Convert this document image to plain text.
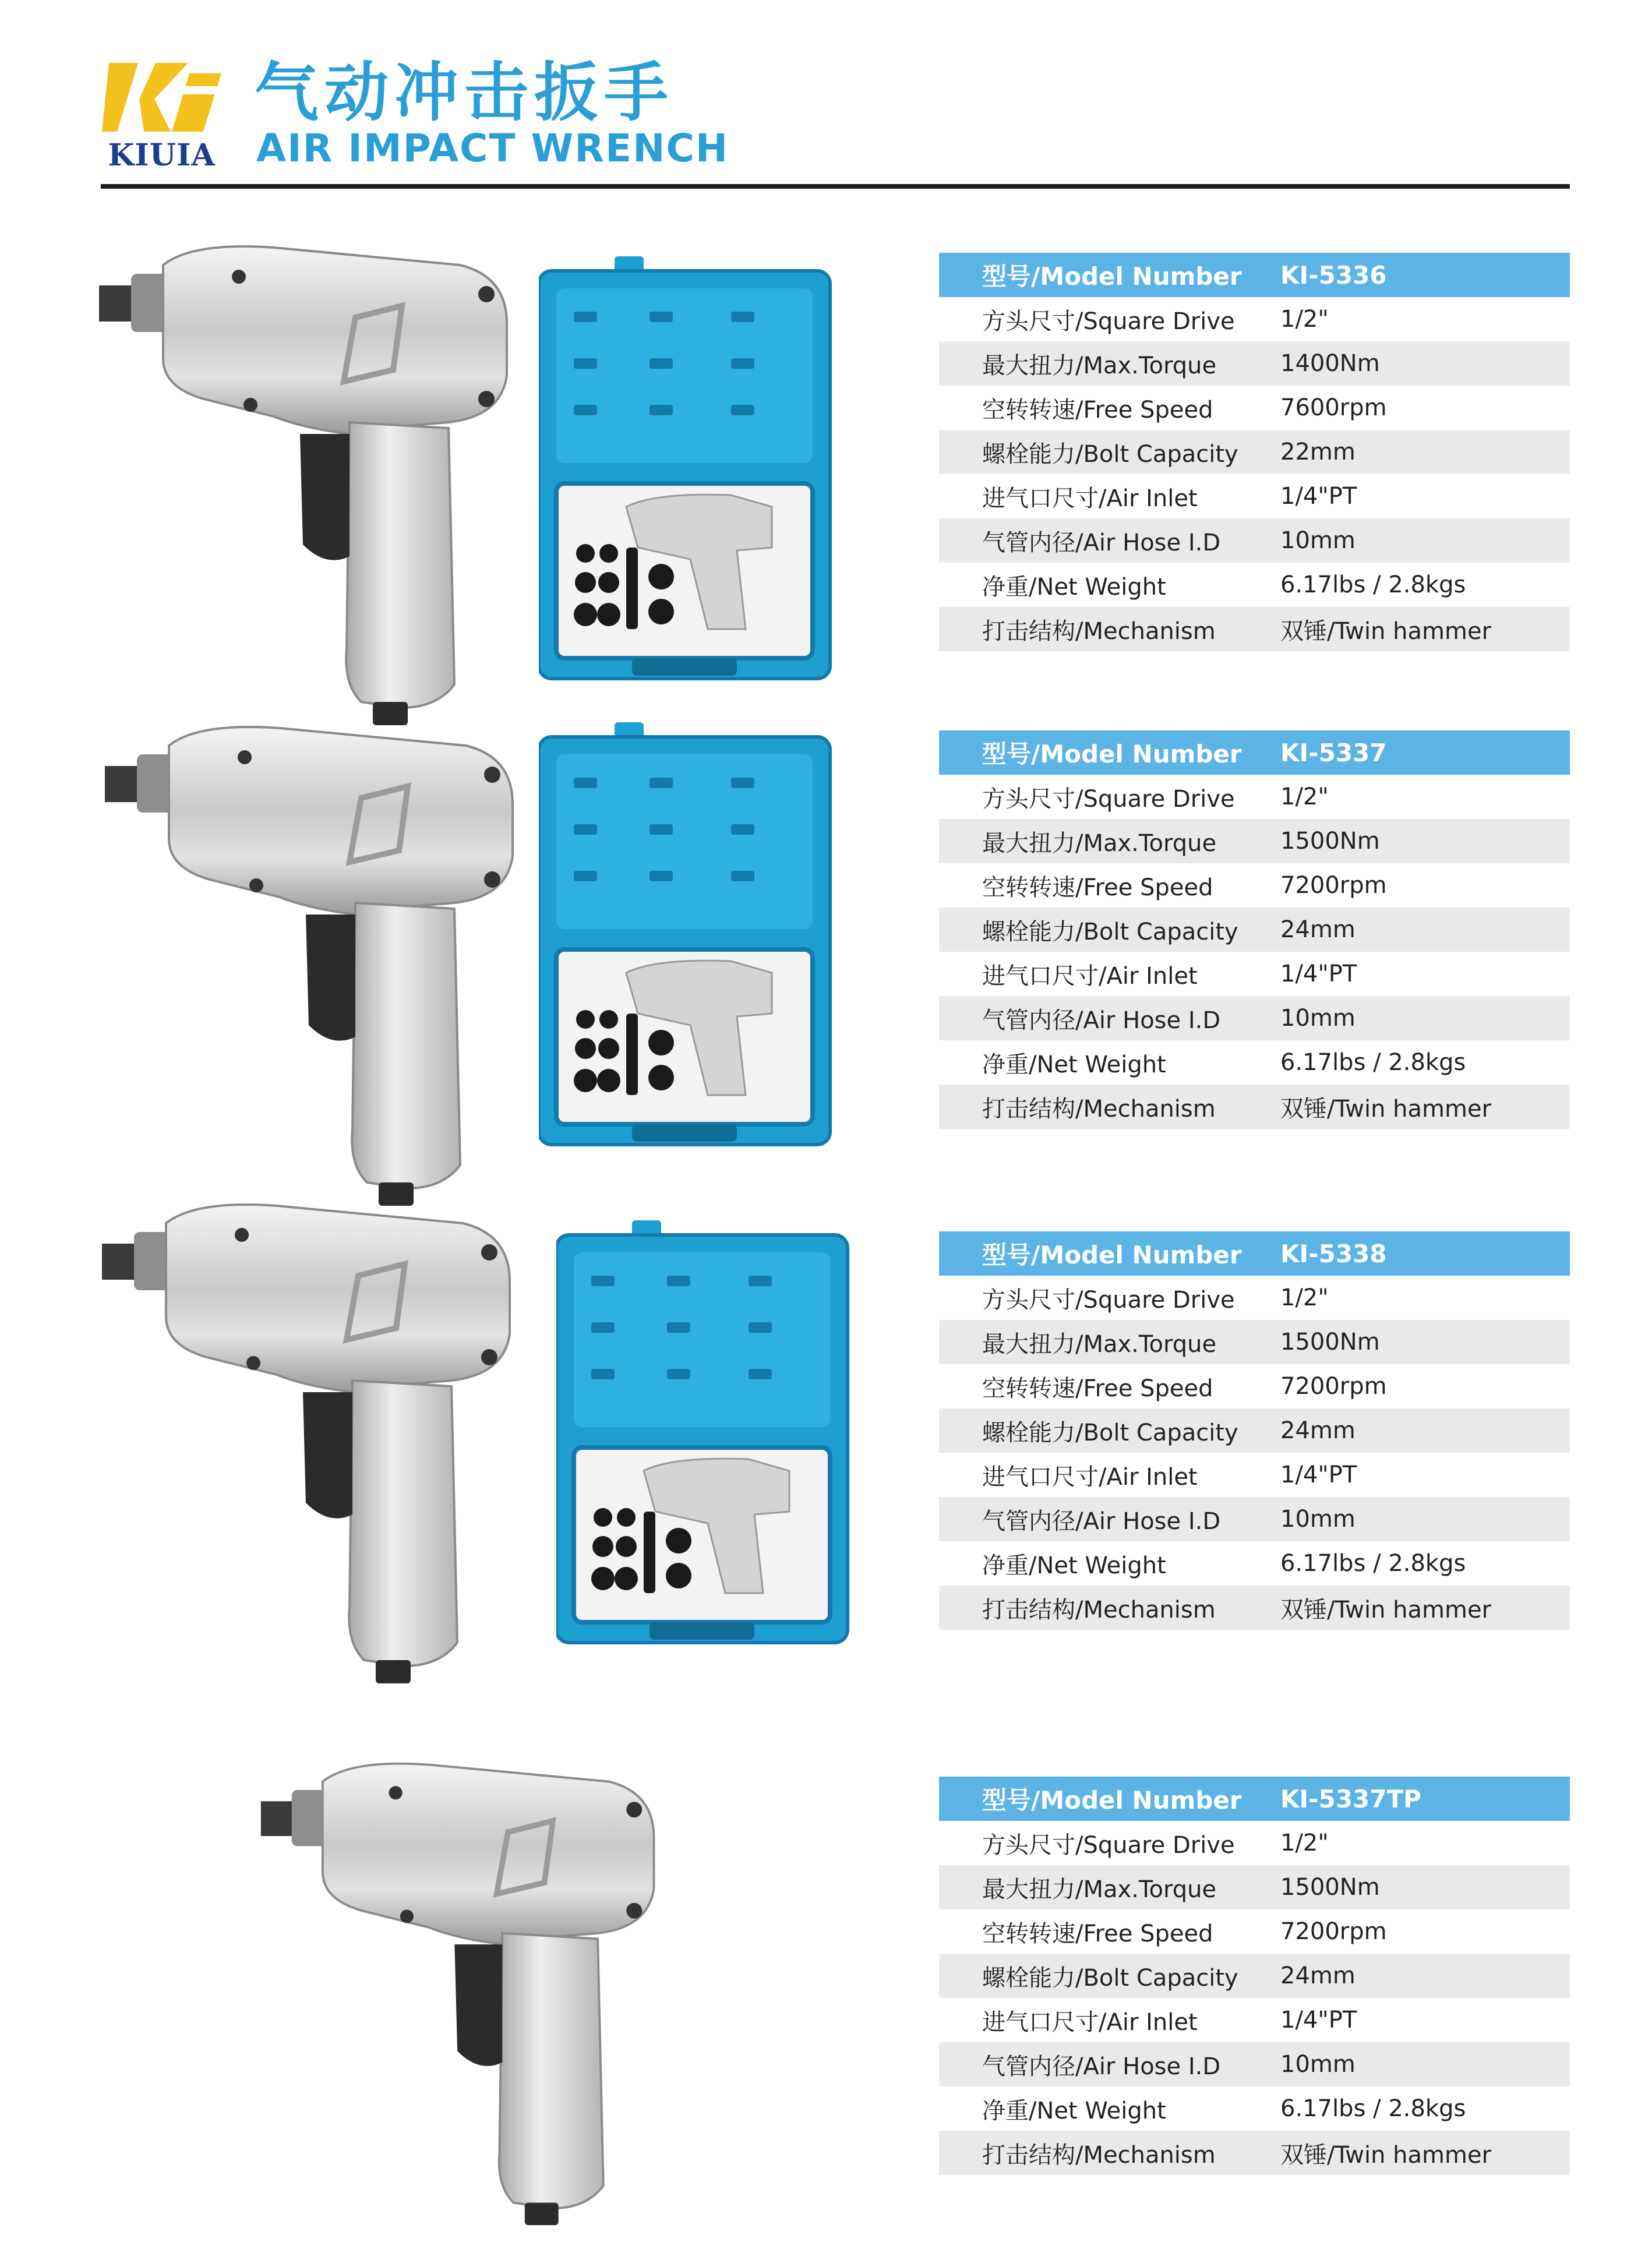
KIUIA
气动冲击扳手
AIR IMPACT WRENCH
型号/Model Number	KI-5336
方头尺寸/Square Drive	1/2"
最大扭力/Max.Torque	1400Nm
空转转速/Free Speed	7600rpm
螺栓能力/Bolt Capacity	22mm
进气口尺寸/Air Inlet	1/4"PT
气管内径/Air Hose I.D	10mm
净重/Net Weight	6.17lbs / 2.8kgs
打击结构/Mechanism	双锤/Twin hammer
型号/Model Number	KI-5337
方头尺寸/Square Drive	1/2"
最大扭力/Max.Torque	1500Nm
空转转速/Free Speed	7200rpm
螺栓能力/Bolt Capacity	24mm
进气口尺寸/Air Inlet	1/4"PT
气管内径/Air Hose I.D	10mm
净重/Net Weight	6.17lbs / 2.8kgs
打击结构/Mechanism	双锤/Twin hammer
型号/Model Number	KI-5338
方头尺寸/Square Drive	1/2"
最大扭力/Max.Torque	1500Nm
空转转速/Free Speed	7200rpm
螺栓能力/Bolt Capacity	24mm
进气口尺寸/Air Inlet	1/4"PT
气管内径/Air Hose I.D	10mm
净重/Net Weight	6.17lbs / 2.8kgs
打击结构/Mechanism	双锤/Twin hammer
型号/Model Number	KI-5337TP
方头尺寸/Square Drive	1/2"
最大扭力/Max.Torque	1500Nm
空转转速/Free Speed	7200rpm
螺栓能力/Bolt Capacity	24mm
进气口尺寸/Air Inlet	1/4"PT
气管内径/Air Hose I.D	10mm
净重/Net Weight	6.17lbs / 2.8kgs
打击结构/Mechanism	双锤/Twin hammer
